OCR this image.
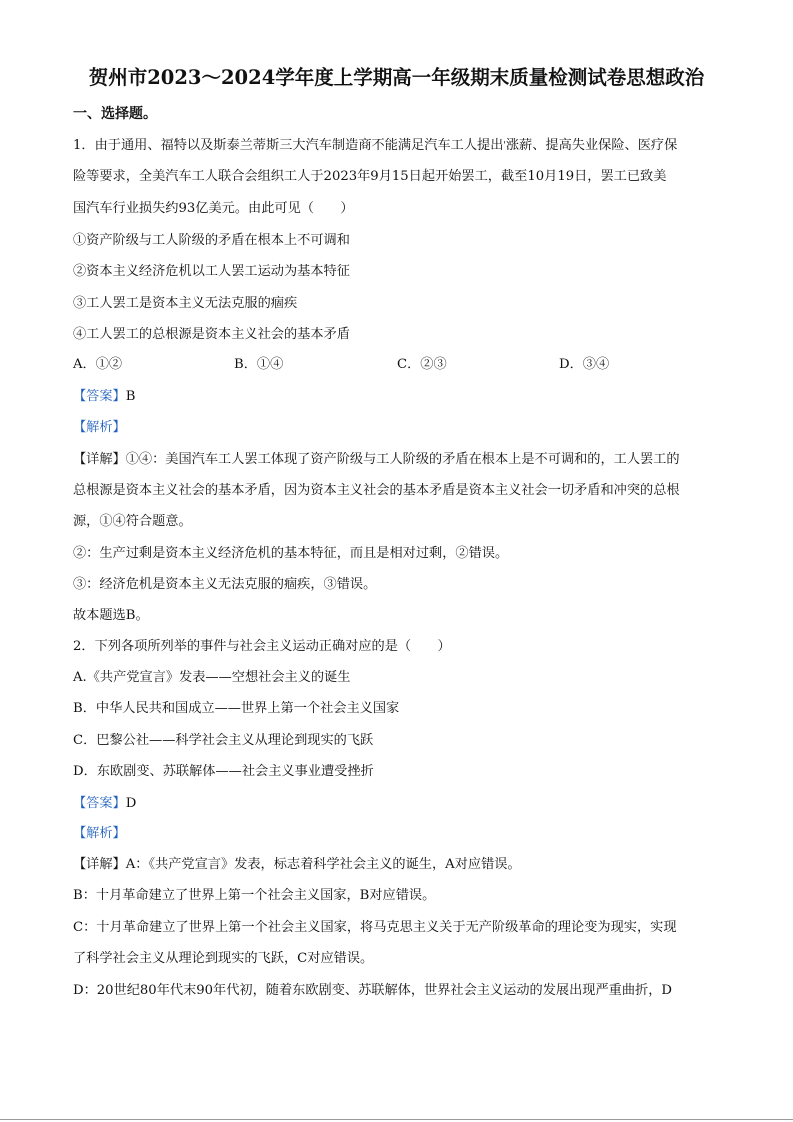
贺州市2023～2024学年度上学期高一年级期末质量检测试卷思想政治
一、选择题。
1．由于通用、福特以及斯泰兰蒂斯三大汽车制造商不能满足汽车工人提出'涨薪、提高失业保险、医疗保
险等要求，全美汽车工人联合会组织工人于2023年9月15日起开始罢工，截至10月19日，罢工已致美
国汽车行业损失约93亿美元。由此可见（　　）
①资产阶级与工人阶级的矛盾在根本上不可调和
②资本主义经济危机以工人罢工运动为基本特征
③工人罢工是资本主义无法克服的痼疾
④工人罢工的总根源是资本主义社会的基本矛盾
A．①②	B．①④	C．②③	D．③④
【答案】B
【解析】
【详解】①④：美国汽车工人罢工体现了资产阶级与工人阶级的矛盾在根本上是不可调和的，工人罢工的
总根源是资本主义社会的基本矛盾，因为资本主义社会的基本矛盾是资本主义社会一切矛盾和冲突的总根
源，①④符合题意。
②：生产过剩是资本主义经济危机的基本特征，而且是相对过剩，②错误。
③：经济危机是资本主义无法克服的痼疾，③错误。
故本题选B。
2．下列各项所列举的事件与社会主义运动正确对应的是（　　）
A.《共产党宣言》发表——空想社会主义的诞生
B．中华人民共和国成立——世界上第一个社会主义国家
C．巴黎公社——科学社会主义从理论到现实的飞跃
D．东欧剧变、苏联解体——社会主义事业遭受挫折
【答案】D
【解析】
【详解】A：《共产党宣言》发表，标志着科学社会主义的诞生，A对应错误。
B：十月革命建立了世界上第一个社会主义国家，B对应错误。
C：十月革命建立了世界上第一个社会主义国家，将马克思主义关于无产阶级革命的理论变为现实，实现
了科学社会主义从理论到现实的飞跃，C对应错误。
D：20世纪80年代末90年代初，随着东欧剧变、苏联解体，世界社会主义运动的发展出现严重曲折，D
